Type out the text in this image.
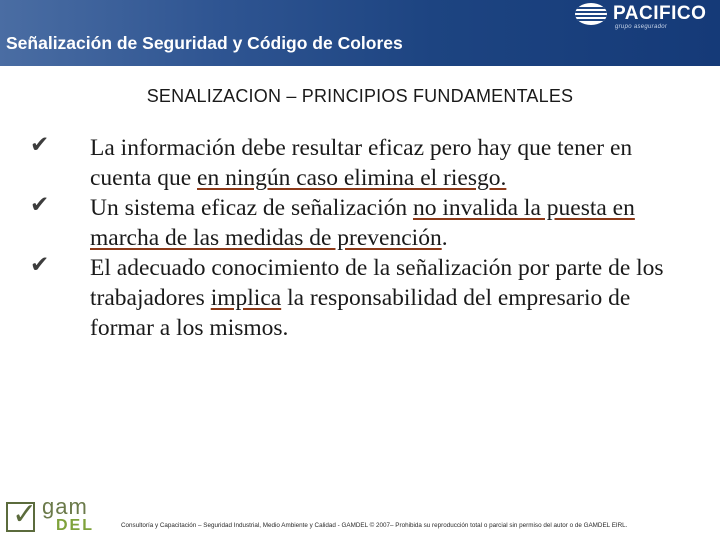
Señalización de Seguridad y Código de Colores
PACIFICO
grupo asegurador
SENALIZACION – PRINCIPIOS FUNDAMENTALES
✔ La información debe resultar eficaz pero hay que tener en cuenta que en ningún caso elimina el riesgo.
✔ Un sistema eficaz de señalización no invalida la puesta en marcha de las medidas de prevención.
✔ El adecuado conocimiento de la señalización por parte de los trabajadores implica la responsabilidad del empresario de formar a los mismos.
✓ gam
DEL	Consultoría y Capacitación – Seguridad Industrial, Medio Ambiente y Calidad - GAMDEL © 2007– Prohibida su reproducción total o parcial sin permiso del autor o de GAMDEL EIRL.
